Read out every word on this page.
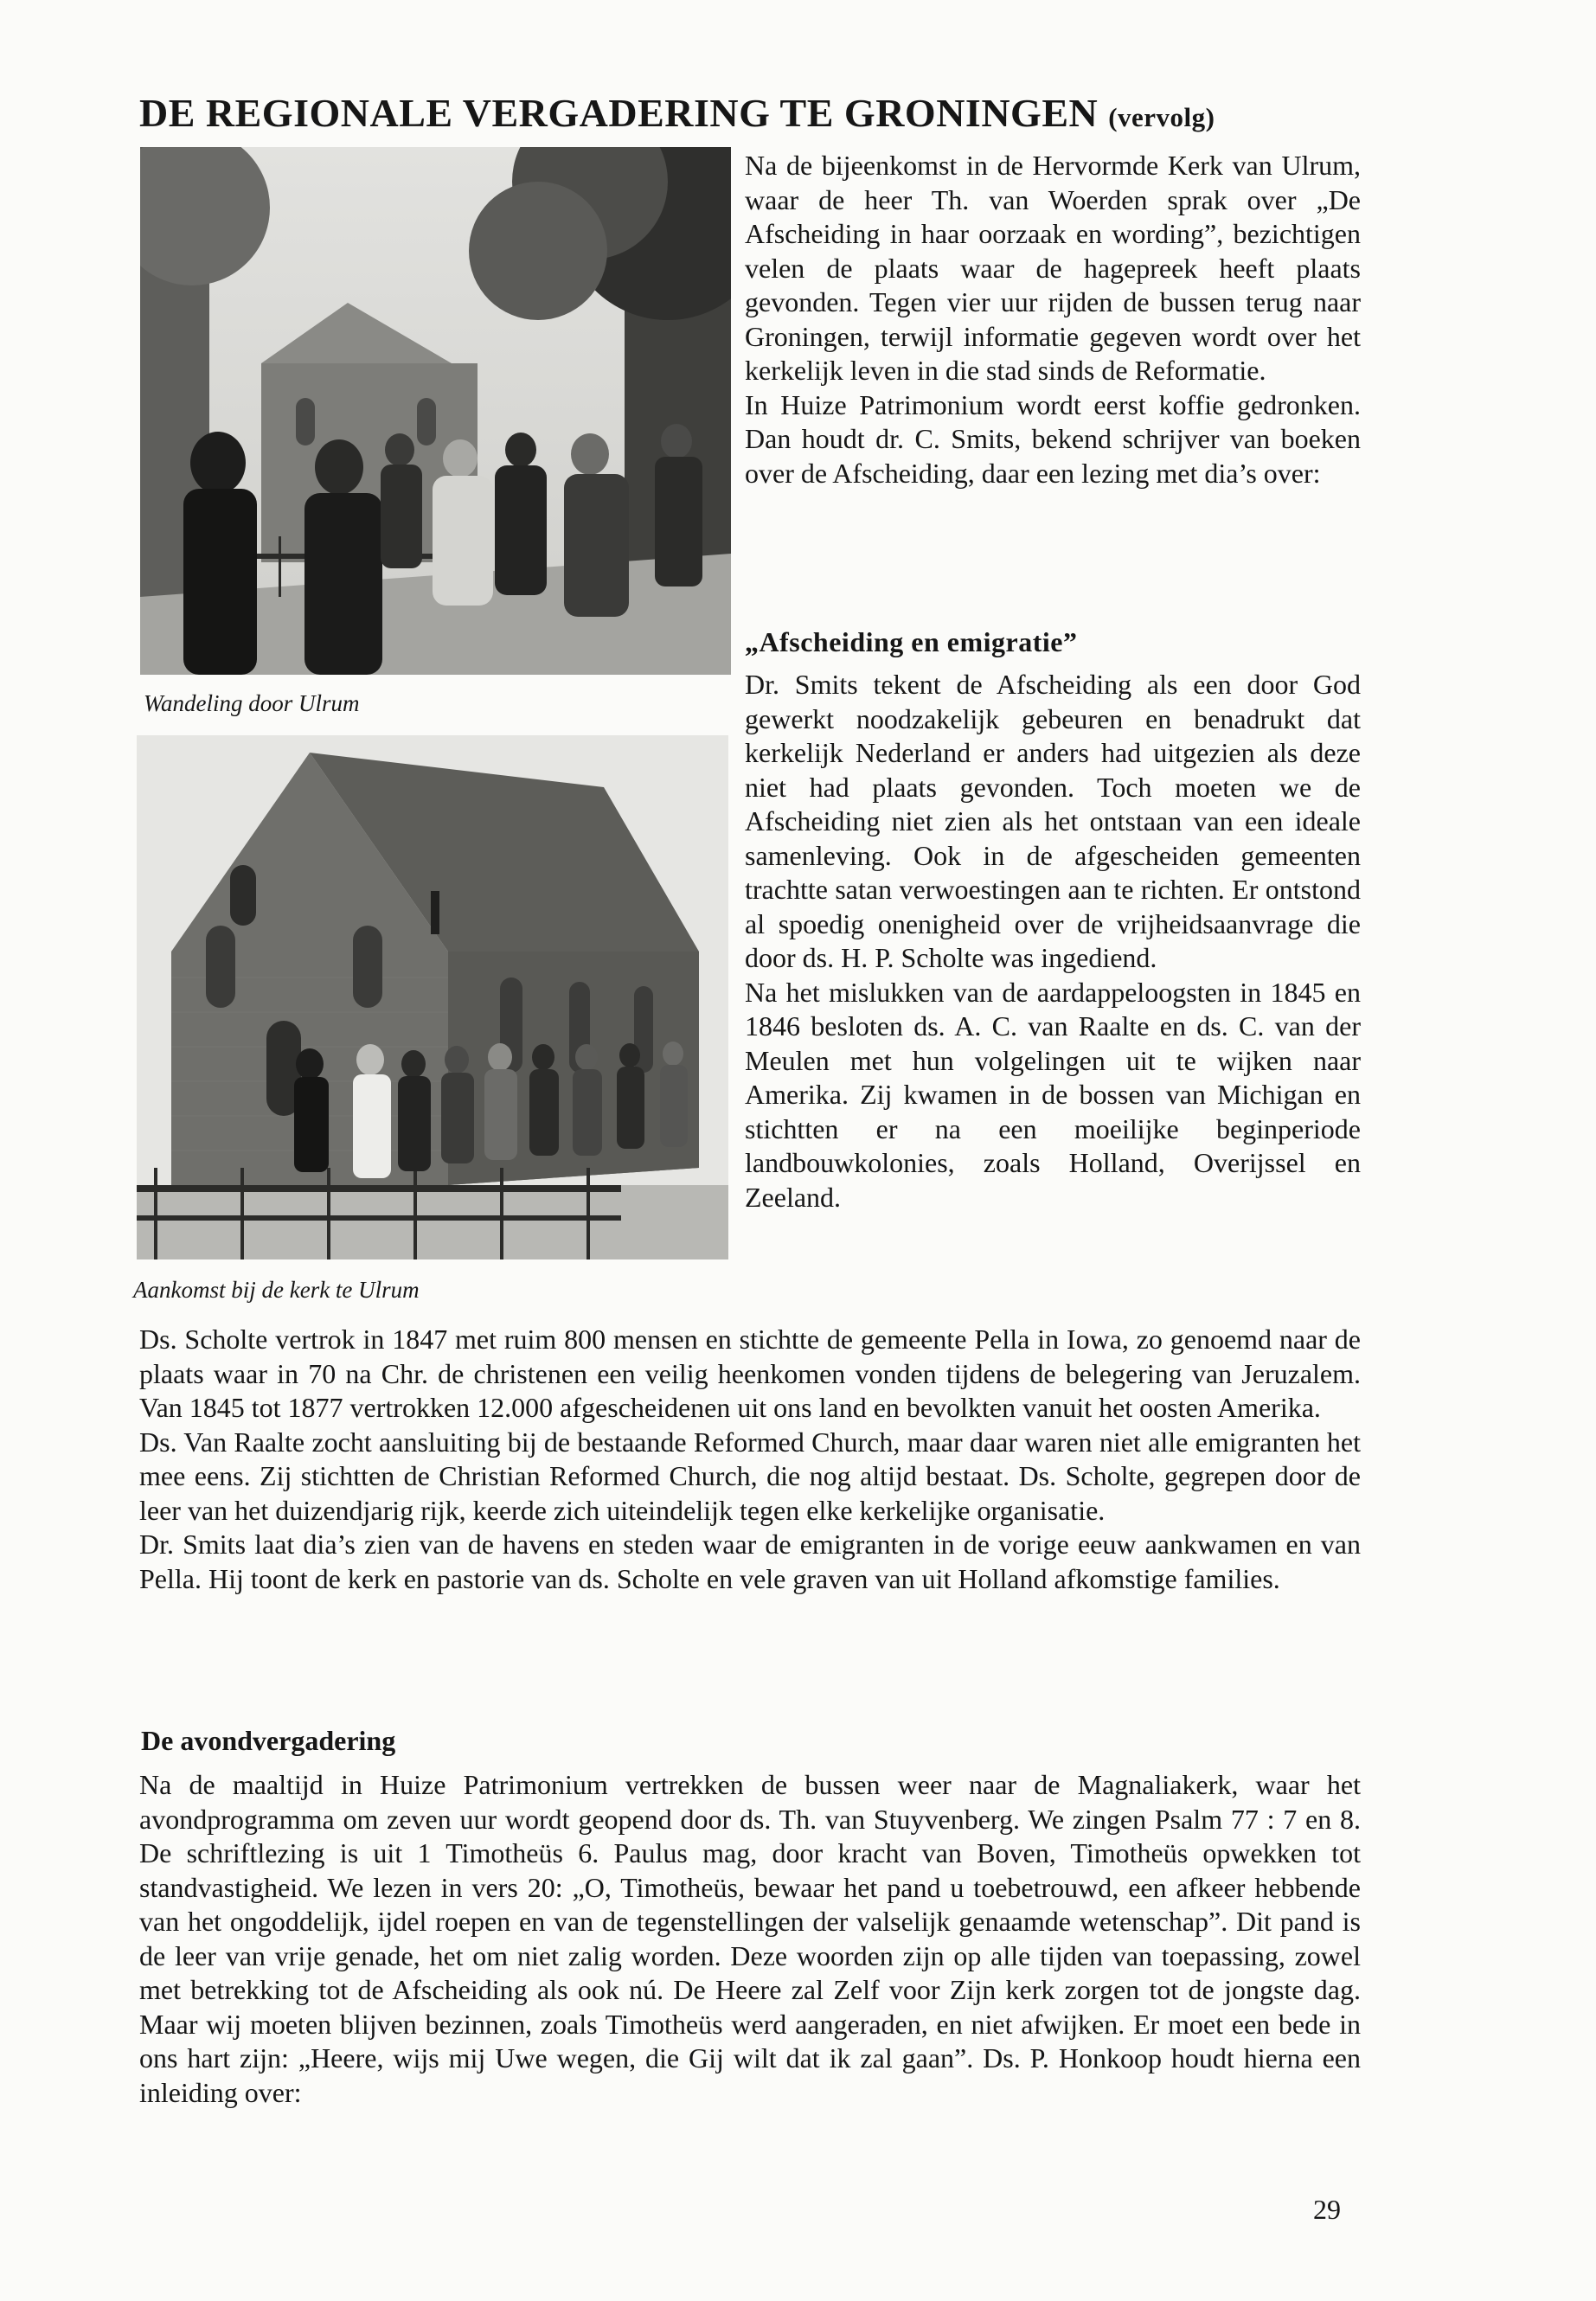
DE REGIONALE VERGADERING TE GRONINGEN (vervolg)
Wandeling door Ulrum
Aankomst bij de kerk te Ulrum

Na de bijeenkomst in de Hervormde Kerk van Ulrum, waar de heer Th. van Woerden sprak over „De Afscheiding in haar oorzaak en wording”, bezichtigen velen de plaats waar de hagepreek heeft plaats gevonden. Tegen vier uur rijden de bussen terug naar Groningen, terwijl informatie gegeven wordt over het kerkelijk leven in die stad sinds de Reformatie.

In Huize Patrimonium wordt eerst koffie gedronken. Dan houdt dr. C. Smits, bekend schrijver van boeken over de Afscheiding, daar een lezing met dia’s over:

„Afscheiding en emigratie”

Dr. Smits tekent de Afscheiding als een door God gewerkt noodzakelijk gebeuren en benadrukt dat kerkelijk Nederland er anders had uitgezien als deze niet had plaats gevonden. Toch moeten we de Afscheiding niet zien als het ontstaan van een ideale samenleving. Ook in de afgescheiden gemeenten trachtte satan verwoestingen aan te richten. Er ontstond al spoedig onenigheid over de vrijheidsaanvrage die door ds. H. P. Scholte was ingediend.

Na het mislukken van de aardappeloogsten in 1845 en 1846 besloten ds. A. C. van Raalte en ds. C. van der Meulen met hun volgelingen uit te wijken naar Amerika. Zij kwamen in de bossen van Michigan en stichtten er na een moeilijke beginperiode landbouwkolonies, zoals Holland, Overijssel en Zeeland.

Ds. Scholte vertrok in 1847 met ruim 800 mensen en stichtte de gemeente Pella in Iowa, zo genoemd naar de plaats waar in 70 na Chr. de christenen een veilig heenkomen vonden tijdens de belegering van Jeruzalem. Van 1845 tot 1877 vertrokken 12.000 afgescheidenen uit ons land en bevolkten vanuit het oosten Amerika.

Ds. Van Raalte zocht aansluiting bij de bestaande Reformed Church, maar daar waren niet alle emigranten het mee eens. Zij stichtten de Christian Reformed Church, die nog altijd bestaat. Ds. Scholte, gegrepen door de leer van het duizendjarig rijk, keerde zich uiteindelijk tegen elke kerkelijke organisatie.

Dr. Smits laat dia’s zien van de havens en steden waar de emigranten in de vorige eeuw aankwamen en van Pella. Hij toont de kerk en pastorie van ds. Scholte en vele graven van uit Holland afkomstige families.

De avondvergadering

Na de maaltijd in Huize Patrimonium vertrekken de bussen weer naar de Magnaliakerk, waar het avondprogramma om zeven uur wordt geopend door ds. Th. van Stuyvenberg. We zingen Psalm 77 : 7 en 8. De schriftlezing is uit 1 Timotheüs 6. Paulus mag, door kracht van Boven, Timotheüs opwekken tot standvastigheid. We lezen in vers 20: „O, Timotheüs, bewaar het pand u toebetrouwd, een afkeer hebbende van het ongoddelijk, ijdel roepen en van de tegenstellingen der valselijk genaamde wetenschap”. Dit pand is de leer van vrije genade, het om niet zalig worden. Deze woorden zijn op alle tijden van toepassing, zowel met betrekking tot de Afscheiding als ook nú. De Heere zal Zelf voor Zijn kerk zorgen tot de jongste dag. Maar wij moeten blijven bezinnen, zoals Timotheüs werd aangeraden, en niet afwijken. Er moet een bede in ons hart zijn: „Heere, wijs mij Uwe wegen, die Gij wilt dat ik zal gaan”. Ds. P. Honkoop houdt hierna een inleiding over:

29
